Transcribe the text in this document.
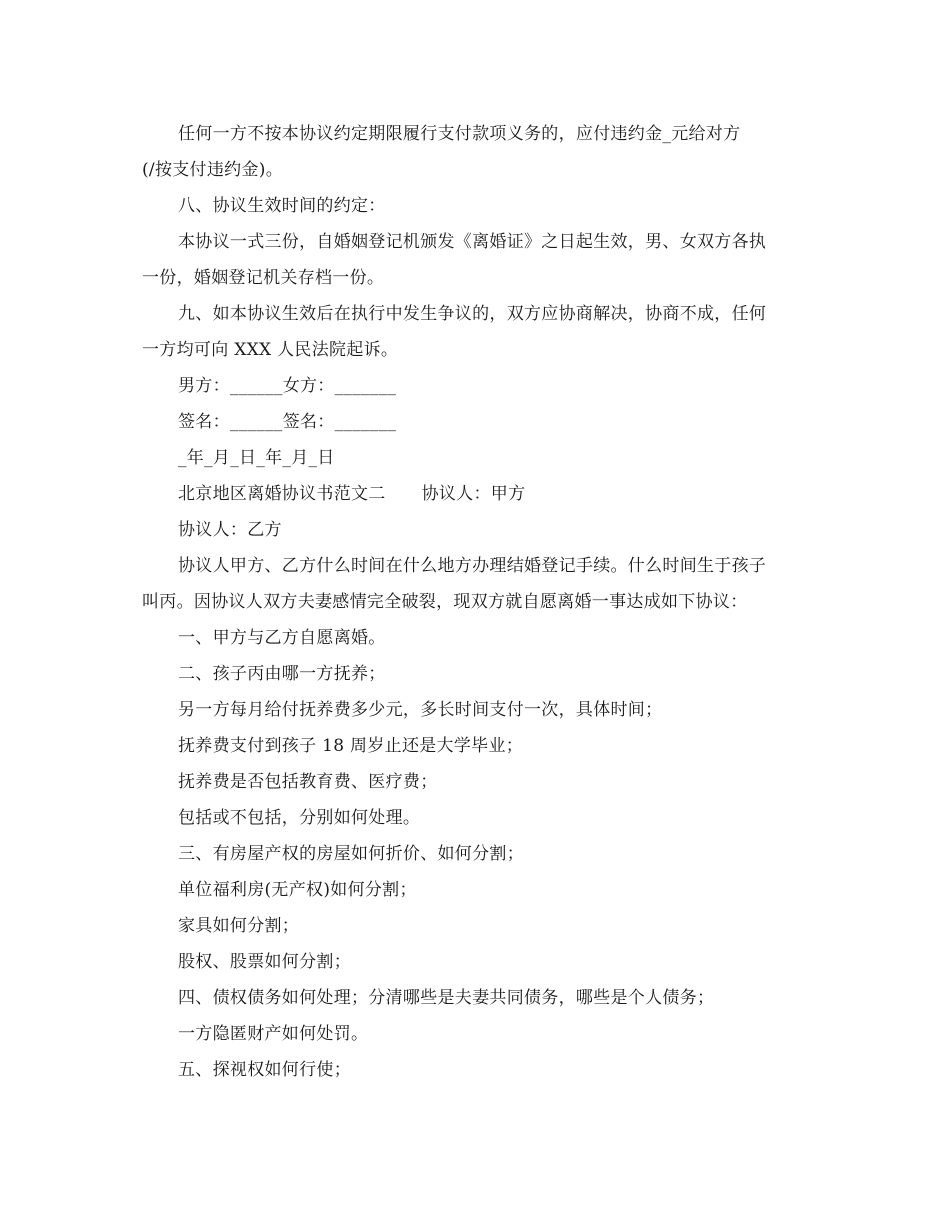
任何一方不按本协议约定期限履行支付款项义务的，应付违约金_元给对方

(/按支付违约金)。

八、协议生效时间的约定：

本协议一式三份，自婚姻登记机颁发《离婚证》之日起生效，男、女双方各执

一份，婚姻登记机关存档一份。

九、如本协议生效后在执行中发生争议的，双方应协商解决，协商不成，任何

一方均可向 XXX 人民法院起诉。

男方：______女方：_______

签名：______签名：_______

_年_月_日_年_月_日

北京地区离婚协议书范文二 协议人：甲方

协议人：乙方

协议人甲方、乙方什么时间在什么地方办理结婚登记手续。什么时间生于孩子

叫丙。因协议人双方夫妻感情完全破裂，现双方就自愿离婚一事达成如下协议：

一、甲方与乙方自愿离婚。

二、孩子丙由哪一方抚养；

另一方每月给付抚养费多少元，多长时间支付一次，具体时间；

抚养费支付到孩子 18 周岁止还是大学毕业；

抚养费是否包括教育费、医疗费；

包括或不包括，分别如何处理。

三、有房屋产权的房屋如何折价、如何分割；

单位福利房(无产权)如何分割；

家具如何分割；

股权、股票如何分割；

四、债权债务如何处理；分清哪些是夫妻共同债务，哪些是个人债务；

一方隐匿财产如何处罚。

五、探视权如何行使；
